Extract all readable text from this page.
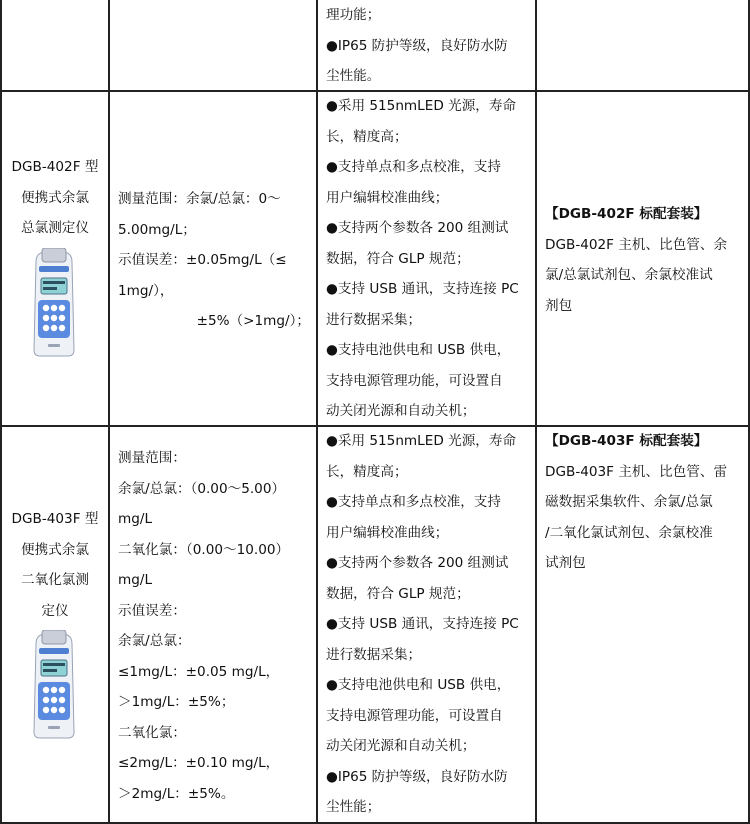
理功能；
●IP65 防护等级，良好防水防
尘性能。
DGB-402F 型
便携式余氯
总氯测定仪
测量范围：余氯/总氯：0～
5.00mg/L；
示值误差：±0.05mg/L（≤
1mg/），
±5%（>1mg/）；
●采用 515nmLED 光源，寿命
长，精度高；
●支持单点和多点校准，支持
用户编辑校准曲线；
●支持两个参数各 200 组测试
数据，符合 GLP 规范；
●支持 USB 通讯，支持连接 PC
进行数据采集；
●支持电池供电和 USB 供电，
支持电源管理功能，可设置自
动关闭光源和自动关机；
【DGB-402F 标配套装】
DGB-402F 主机、比色管、余
氯/总氯试剂包、余氯校准试
剂包
DGB-403F 型
便携式余氯
二氧化氯测
定仪
测量范围：
余氯/总氯：（0.00～5.00）
mg/L
二氧化氯：（0.00～10.00）
mg/L
示值误差：
余氯/总氯：
≤1mg/L：±0.05 mg/L，
＞1mg/L：±5%；
二氧化氯：
≤2mg/L：±0.10 mg/L，
＞2mg/L：±5%。
●采用 515nmLED 光源，寿命
长，精度高；
●支持单点和多点校准，支持
用户编辑校准曲线；
●支持两个参数各 200 组测试
数据，符合 GLP 规范；
●支持 USB 通讯，支持连接 PC
进行数据采集；
●支持电池供电和 USB 供电，
支持电源管理功能，可设置自
动关闭光源和自动关机；
●IP65 防护等级，良好防水防
尘性能；
【DGB-403F 标配套装】
DGB-403F 主机、比色管、雷
磁数据采集软件、余氯/总氯
/二氧化氯试剂包、余氯校准
试剂包
